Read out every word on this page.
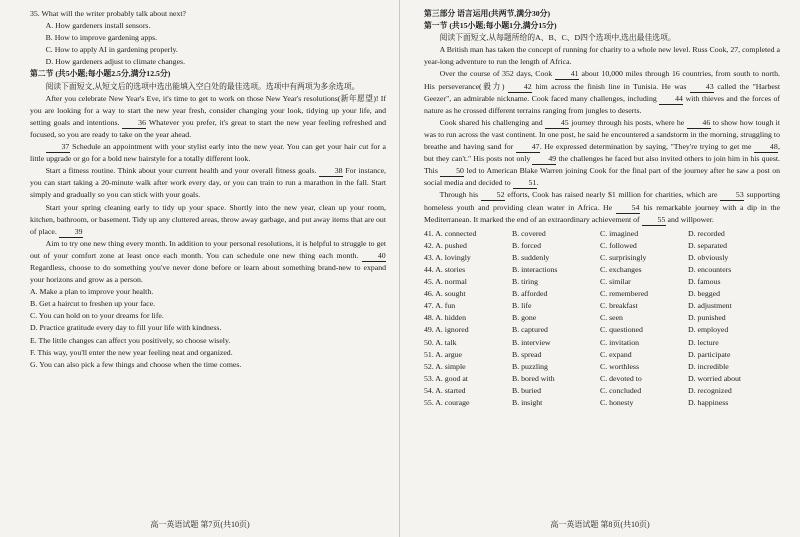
35. What will the writer probably talk about next?

A. How gardeners install sensors.

B. How to improve gardening apps.

C. How to apply AI in gardening properly.

D. How gardeners adjust to climate changes.

第二节 (共5小题;每小题2.5分,满分12.5分)

阅读下面短文,从短文后的选项中选出能填入空白处的最佳选项。选项中有两项为多余选项。

After you celebrate New Year's Eve, it's time to get to work on those New Year's resolutions(新年愿望)! If you are looking for a way to start the new year fresh, consider changing your look, tidying up your life, and setting goals and intentions. 36 Whatever you prefer, it's great to start the new year feeling refreshed and focused, so you are ready to take on the year ahead.

37 Schedule an appointment with your stylist early into the new year. You can get your hair cut for a little upgrade or go for a bold new hairstyle for a totally different look.

Start a fitness routine. Think about your current health and your overall fitness goals. 38 For instance, you can start taking a 20-minute walk after work every day, or you can train to run a marathon in the fall. Start simply and gradually so you can stick with your goals.

Start your spring cleaning early to tidy up your space. Shortly into the new year, clean up your room, kitchen, bathroom, or basement. Tidy up any cluttered areas, throw away garbage, and put away items that are out of place. 39

Aim to try one new thing every month. In addition to your personal resolutions, it is helpful to struggle to get out of your comfort zone at least once each month. You can schedule one new thing each month. 40 Regardless, choose to do something you've never done before or learn about something brand-new to expand your horizons and grow as a person.

A. Make a plan to improve your health.

B. Get a haircut to freshen up your face.

C. You can hold on to your dreams for life.

D. Practice gratitude every day to fill your life with kindness.

E. The little changes can affect you positively, so choose wisely.

F. This way, you'll enter the new year feeling neat and organized.

G. You can also pick a few things and choose when the time comes.

高一英语试题 第7页(共10页)

第三部分 语言运用(共两节,满分30分)

第一节 (共15小题;每小题1分,满分15分)

阅读下面短文,从每题所给的A、B、C、D四个选项中,选出最佳选项。

A British man has taken the concept of running for charity to a whole new level. Russ Cook, 27, completed a year-long adventure to run the length of Africa.

Over the course of 352 days, Cook 41 about 10,000 miles through 16 countries, from south to north. His perseverance(毅力) 42 him across the finish line in Tunisia. He was 43 called the "Harbest Geezer", an admirable nickname. Cook faced many challenges, including 44 with thieves and the forces of nature as he crossed different terrains ranging from jungles to deserts.

Cook shared his challenging and 45 journey through his posts, where he 46 to show how tough it was to run across the vast continent. In one post, he said he encountered a sandstorm in the morning, struggling to breathe and having sand for 47. He expressed determination by saying, "They're trying to get me 48, but they can't." His posts not only 49 the challenges he faced but also invited others to join him in his quest. This 50 led to American Blake Warren joining Cook for the final part of the journey after he saw a post on social media and decided to 51.

Through his 52 efforts, Cook has raised nearly $1 million for charities, which are 53 supporting homeless youth and providing clean water in Africa. He 54 his remarkable journey with a dip in the Mediterranean. It marked the end of an extraordinary achievement of 55 and willpower.

41. A. connected	B. covered	C. imagined	D. recorded
42. A. pushed	B. forced	C. followed	D. separated
43. A. lovingly	B. suddenly	C. surprisingly	D. obviously
44. A. stories	B. interactions	C. exchanges	D. encounters
45. A. normal	B. tiring	C. similar	D. famous
46. A. sought	B. afforded	C. remembered	D. begged
47. A. fun	B. life	C. breakfast	D. adjustment
48. A. hidden	B. gone	C. seen	D. punished
49. A. ignored	B. captured	C. questioned	D. employed
50. A. talk	B. interview	C. invitation	D. lecture
51. A. argue	B. spread	C. expand	D. participate
52. A. simple	B. puzzling	C. worthless	D. incredible
53. A. good at	B. bored with	C. devoted to	D. worried about
54. A. started	B. buried	C. concluded	D. recognized
55. A. courage	B. insight	C. honesty	D. happiness
高一英语试题 第8页(共10页)
